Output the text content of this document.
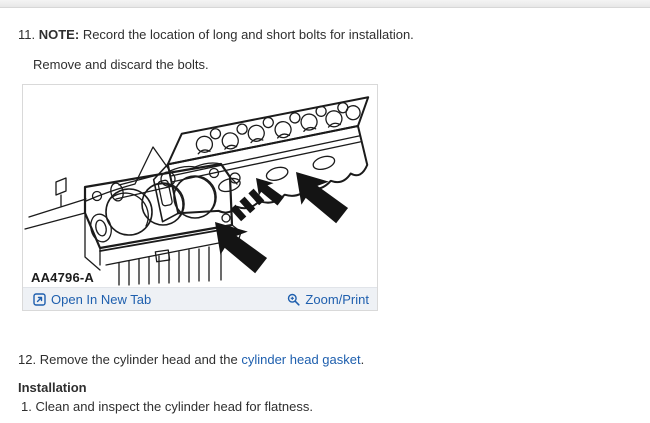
11. NOTE: Record the location of long and short bolts for installation.

Remove and discard the bolts.

AA4796-A
Open In New Tab	Zoom/Print

12. Remove the cylinder head and the cylinder head gasket.

Installation

1. Clean and inspect the cylinder head for flatness.
